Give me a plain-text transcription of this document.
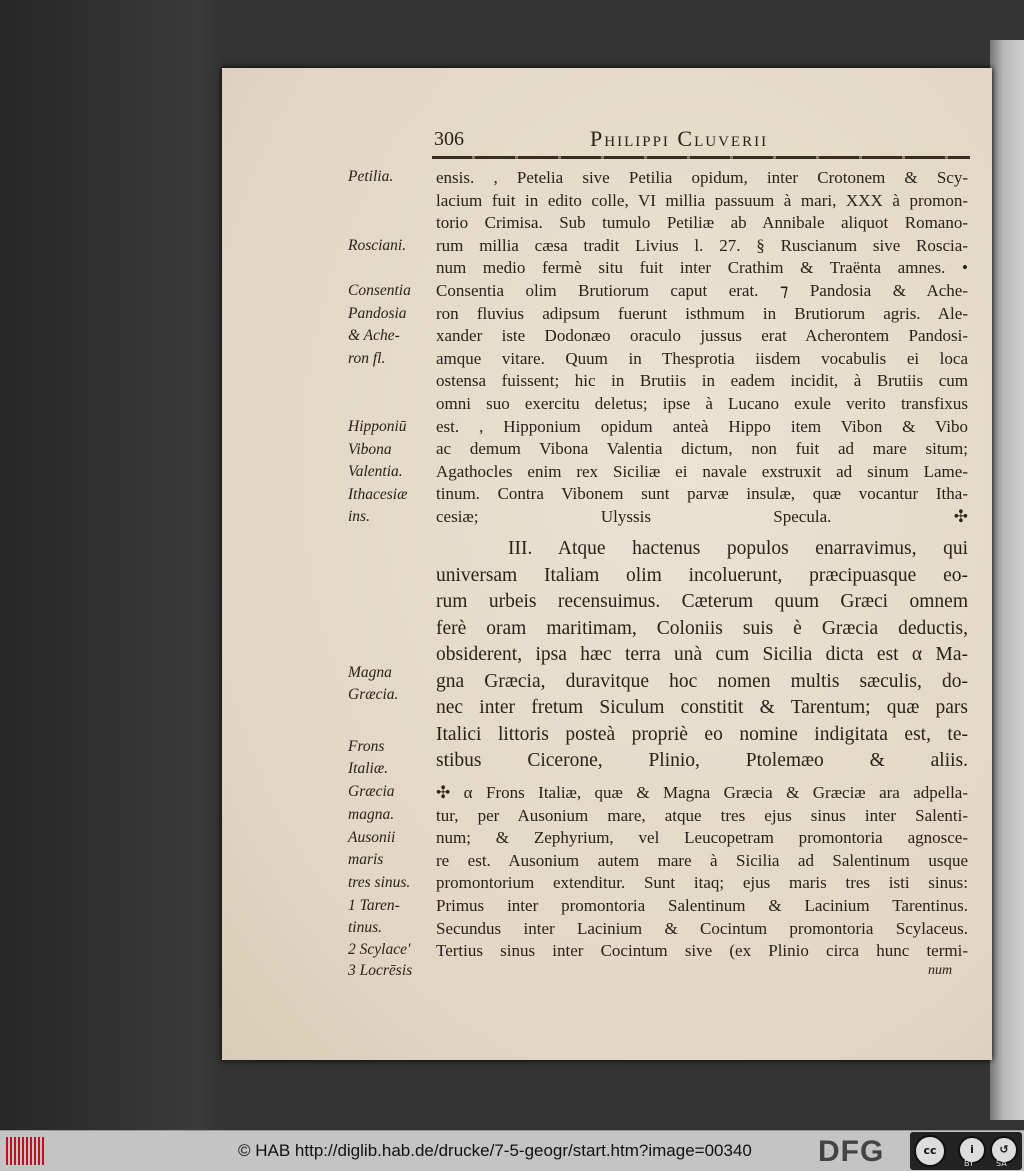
306	Philippi Cluverii
ensis. , Petelia sive Petilia opidum, inter Crotonem & Scy-
lacium fuit in edito colle, VI millia passuum à mari, XXX à promon-
torio Crimisa. Sub tumulo Petiliæ ab Annibale aliquot Romano-
rum millia cæsa tradit Livius l. 27. § Ruscianum sive Roscia-
num medio fermè situ fuit inter Crathim & Traënta amnes. •
Consentia olim Brutiorum caput erat. ⁊ Pandosia & Ache-
ron fluvius adipsum fuerunt isthmum in Brutiorum agris. Ale-
xander iste Dodonæo oraculo jussus erat Acherontem Pandosi-
amque vitare. Quum in Thesprotia iisdem vocabulis ei loca
ostensa fuissent; hic in Brutiis in eadem incidit, à Brutiis cum
omni suo exercitu deletus; ipse à Lucano exule verito transfixus
est. , Hipponium opidum anteà Hippo item Vibon & Vibo
ac demum Vibona Valentia dictum, non fuit ad mare situm;
Agathocles enim rex Siciliæ ei navale exstruxit ad sinum Lame-
tinum. Contra Vibonem sunt parvæ insulæ, quæ vocantur Itha-
cesiæ; Ulyssis Specula. ✣
III. Atque hactenus populos enarravimus, qui
universam Italiam olim incoluerunt, præcipuasque eo-
rum urbeis recensuimus. Cæterum quum Græci omnem
ferè oram maritimam, Coloniis suis è Græcia deductis,
obsiderent, ipsa hæc terra unà cum Sicilia dicta est α Ma-
gna Græcia, duravitque hoc nomen multis sæculis, do-
nec inter fretum Siculum constitit & Tarentum; quæ pars
Italici littoris posteà propriè eo nomine indigitata est, te-
stibus Cicerone, Plinio, Ptolemæo & aliis.
✣ α Frons Italiæ, quæ & Magna Græcia & Græciæ ara adpella-
tur, per Ausonium mare, atque tres ejus sinus inter Salenti-
num; & Zephyrium, vel Leucopetram promontoria agnosce-
re est. Ausonium autem mare à Sicilia ad Salentinum usque
promontorium extenditur. Sunt itaq; ejus maris tres isti sinus:
Primus inter promontoria Salentinum & Lacinium Tarentinus.
Secundus inter Lacinium & Cocintum promontoria Scylaceus.
Tertius sinus inter Cocintum sive (ex Plinio circa hunc termi-
Petilia.
Rosciani.
Consentia
Pandosia
& Ache-
ron fl.
Hipponiū
Vibona
Valentia.
Ithacesiæ
ins.
Magna
Græcia.
Frons
Italiæ.
Græcia
magna.
Ausonii
maris
tres sinus.
1 Taren-
tinus.
2 Scylace'
3 Locrēsis	num
© HAB http://diglib.hab.de/drucke/7-5-geogr/start.htm?image=00340 DFG	cc	i	↺
BY	SA
